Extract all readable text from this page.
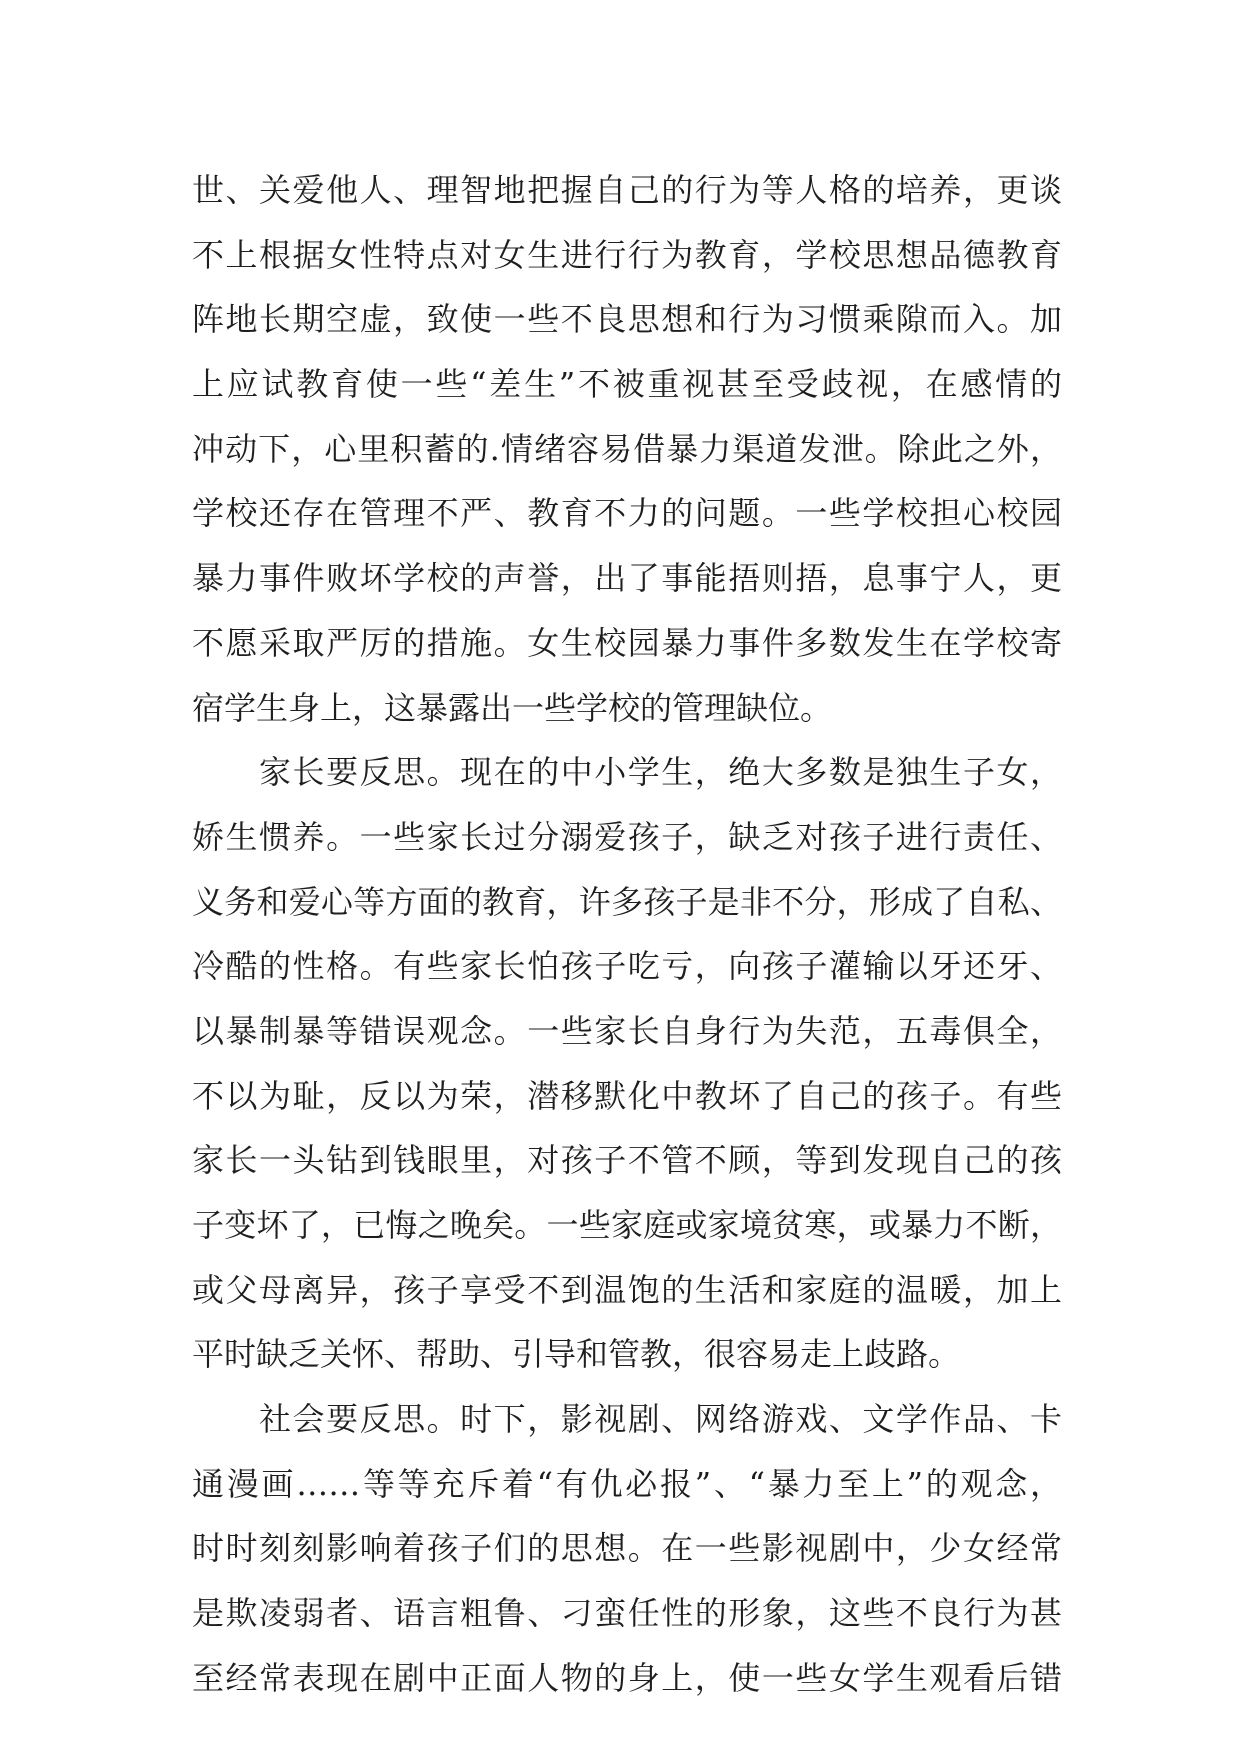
世、关爱他人、理智地把握自己的行为等人格的培养，更谈
不上根据女性特点对女生进行行为教育，学校思想品德教育
阵地长期空虚，致使一些不良思想和行为习惯乘隙而入。加
上应试教育使一些“差生”不被重视甚至受歧视，在感情的
冲动下，心里积蓄的.情绪容易借暴力渠道发泄。除此之外，
学校还存在管理不严、教育不力的问题。一些学校担心校园
暴力事件败坏学校的声誉，出了事能捂则捂，息事宁人，更
不愿采取严厉的措施。女生校园暴力事件多数发生在学校寄
宿学生身上，这暴露出一些学校的管理缺位。
　　家长要反思。现在的中小学生，绝大多数是独生子女，
娇生惯养。一些家长过分溺爱孩子，缺乏对孩子进行责任、
义务和爱心等方面的教育，许多孩子是非不分，形成了自私、
冷酷的性格。有些家长怕孩子吃亏，向孩子灌输以牙还牙、
以暴制暴等错误观念。一些家长自身行为失范，五毒俱全，
不以为耻，反以为荣，潜移默化中教坏了自己的孩子。有些
家长一头钻到钱眼里，对孩子不管不顾，等到发现自己的孩
子变坏了，已悔之晚矣。一些家庭或家境贫寒，或暴力不断，
或父母离异，孩子享受不到温饱的生活和家庭的温暖，加上
平时缺乏关怀、帮助、引导和管教，很容易走上歧路。
　　社会要反思。时下，影视剧、网络游戏、文学作品、卡
通漫画……等等充斥着“有仇必报”、“暴力至上”的观念，
时时刻刻影响着孩子们的思想。在一些影视剧中，少女经常
是欺凌弱者、语言粗鲁、刁蛮任性的形象，这些不良行为甚
至经常表现在剧中正面人物的身上，使一些女学生观看后错
